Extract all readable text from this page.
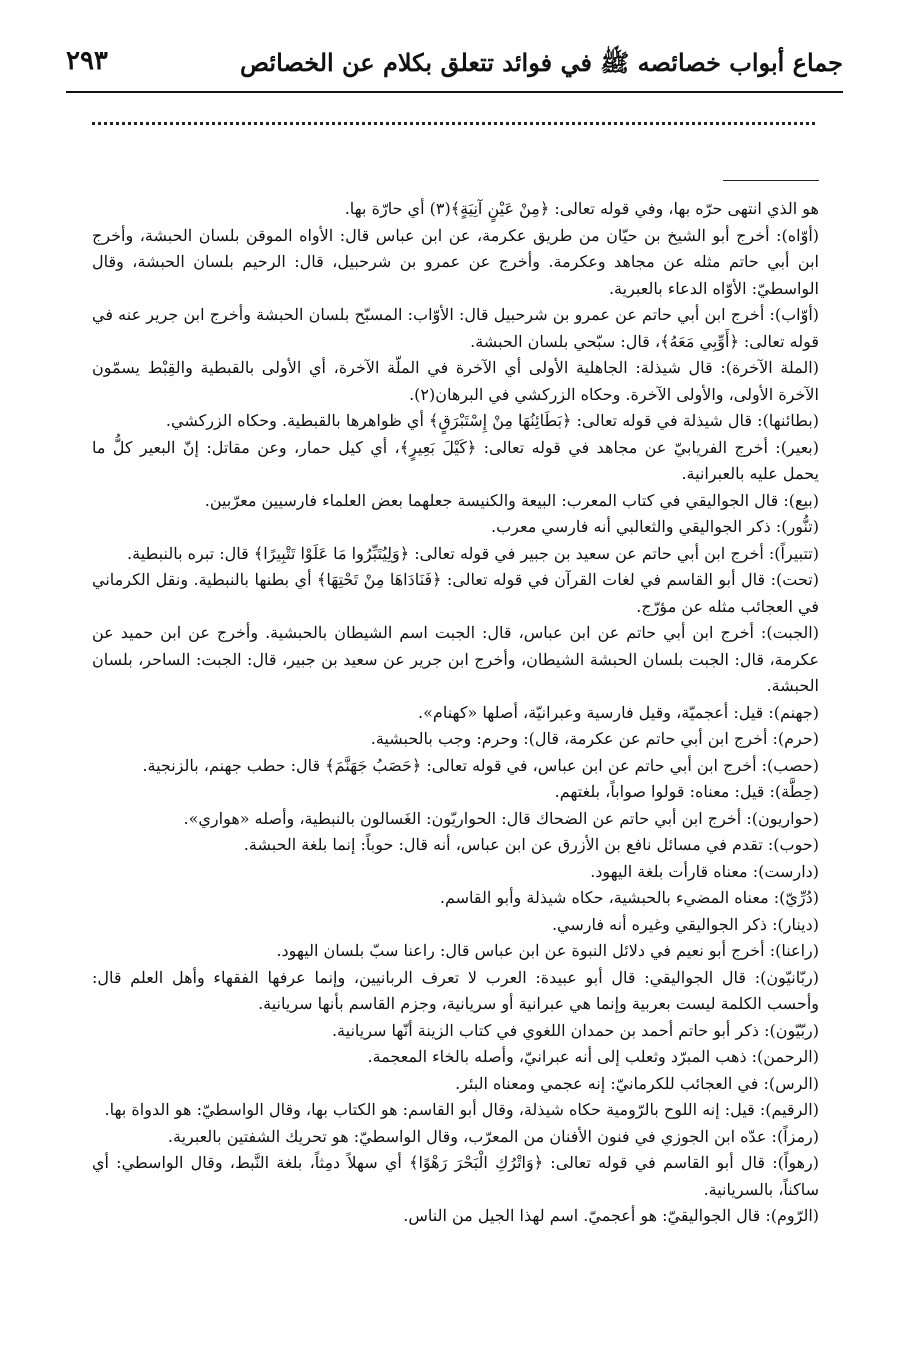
جماع أبواب خصائصه ﷺ في فوائد تتعلق بكلام عن الخصائص
٢٩٣

هو الذي انتهى حرّه بها، وفي قوله تعالى: ﴿مِنْ عَيْنٍ آنِيَةٍ﴾(٣) أي حارّة بها.

(أوّاه): أخرج أبو الشيخ بن حيّان من طريق عكرمة، عن ابن عباس قال: الأواه الموقن بلسان الحبشة، وأخرج ابن أبي حاتم مثله عن مجاهد وعكرمة. وأخرج عن عمرو بن شرحبيل، قال: الرحيم بلسان الحبشة، وقال الواسطيّ: الأوّاه الدعاء بالعبرية.

(أوّاب): أخرج ابن أبي حاتم عن عمرو بن شرحبيل قال: الأوّاب: المسبّح بلسان الحبشة وأخرج ابن جرير عنه في قوله تعالى: ﴿أَوِّبِي مَعَهُ﴾، قال: سبّحي بلسان الحبشة.

(الملة الآخرة): قال شيذلة: الجاهلية الأولى أي الآخرة في الملّة الآخرة، أي الأولى بالقبطية والقِبْط يسمّون الآخرة الأولى، والأولى الآخرة. وحكاه الزركشي في البرهان(٢).

(بطائنها): قال شيذلة في قوله تعالى: ﴿بَطَائِنُهَا مِنْ إِسْتَبْرَقٍ﴾ أي ظواهرها بالقبطية. وحكاه الزركشي.

(بعير): أخرج الفريابيّ عن مجاهد في قوله تعالى: ﴿كَيْلَ بَعِيرٍ﴾، أي كيل حمار، وعن مقاتل: إنّ البعير كلُّ ما يحمل عليه بالعبرانية.

(بيع): قال الجواليقي في كتاب المعرب: البيعة والكنيسة جعلهما بعض العلماء فارسيين معرّبين.

(تنُّور): ذكر الجواليقي والثعالبي أنه فارسي معرب.

(تتبيراً): أخرج ابن أبي حاتم عن سعيد بن جبير في قوله تعالى: ﴿وَلِيُتَبِّرُوا مَا عَلَوْا تَتْبِيرًا﴾ قال: تبره بالنبطية.

(تحت): قال أبو القاسم في لغات القرآن في قوله تعالى: ﴿فَنَادَاهَا مِنْ تَحْتِهَا﴾ أي بطنها بالنبطية. ونقل الكرماني في العجائب مثله عن مؤرّج.

(الجبت): أخرج ابن أبي حاتم عن ابن عباس، قال: الجبت اسم الشيطان بالحبشية. وأخرج عن ابن حميد عن عكرمة، قال: الجبت بلسان الحبشة الشيطان، وأخرج ابن جرير عن سعيد بن جبير، قال: الجبت: الساحر، بلسان الحبشة.

(جهنم): قيل: أعجميّة، وقيل فارسية وعبرانيّة، أصلها «كهنام».

(حرم): أخرج ابن أبي حاتم عن عكرمة، قال): وحرم: وجب بالحبشية.

(حصب): أخرج ابن أبي حاتم عن ابن عباس، في قوله تعالى: ﴿حَصَبُ جَهَنَّمَ﴾ قال: حطب جهنم، بالزنجية.

(حِطَّة): قيل: معناه: قولوا صواباً، بلغتهم.

(حواريون): أخرج ابن أبي حاتم عن الضحاك قال: الحواريّون: الغَسالون بالنبطية، وأصله «هواري».

(حوب): تقدم في مسائل نافع بن الأزرق عن ابن عباس، أنه قال: حوباً: إنما بلغة الحبشة.

(دارست): معناه قارأت بلغة اليهود.

(دُرِّيّ): معناه المضيء بالحبشية، حكاه شيذلة وأبو القاسم.

(دينار): ذكر الجواليقي وغيره أنه فارسي.

(راعنا): أخرج أبو نعيم في دلائل النبوة عن ابن عباس قال: راعنا سبّ بلسان اليهود.

(ربّانيّون): قال الجواليقي: قال أبو عبيدة: العرب لا تعرف الربانيين، وإنما عرفها الفقهاء وأهل العلم قال: وأحسب الكلمة ليست بعربية وإنما هي عبرانية أو سريانية، وجزم القاسم بأنها سريانية.

(ربّيّون): ذكر أبو حاتم أحمد بن حمدان اللغوي في كتاب الزينة أنّها سريانية.

(الرحمن): ذهب المبرّد وثعلب إلى أنه عبرانيّ، وأصله بالخاء المعجمة.

(الرس): في العجائب للكرمانيّ: إنه عجمي ومعناه البئر.

(الرقيم): قيل: إنه اللوح بالرّومية حكاه شيذلة، وقال أبو القاسم: هو الكتاب بها، وقال الواسطيّ: هو الدواة بها.

(رمزاً): عدّه ابن الجوزي في فنون الأفنان من المعرّب، وقال الواسطيّ: هو تحريك الشفتين بالعبرية.

(رهواً): قال أبو القاسم في قوله تعالى: ﴿وَاتْرُكِ الْبَحْرَ رَهْوًا﴾ أي سهلاً دمِثاً، بلغة النَّبط، وقال الواسطي: أي ساكناً، بالسريانية.

(الرّوم): قال الجواليقيّ: هو أعجميّ. اسم لهذا الجيل من الناس.
